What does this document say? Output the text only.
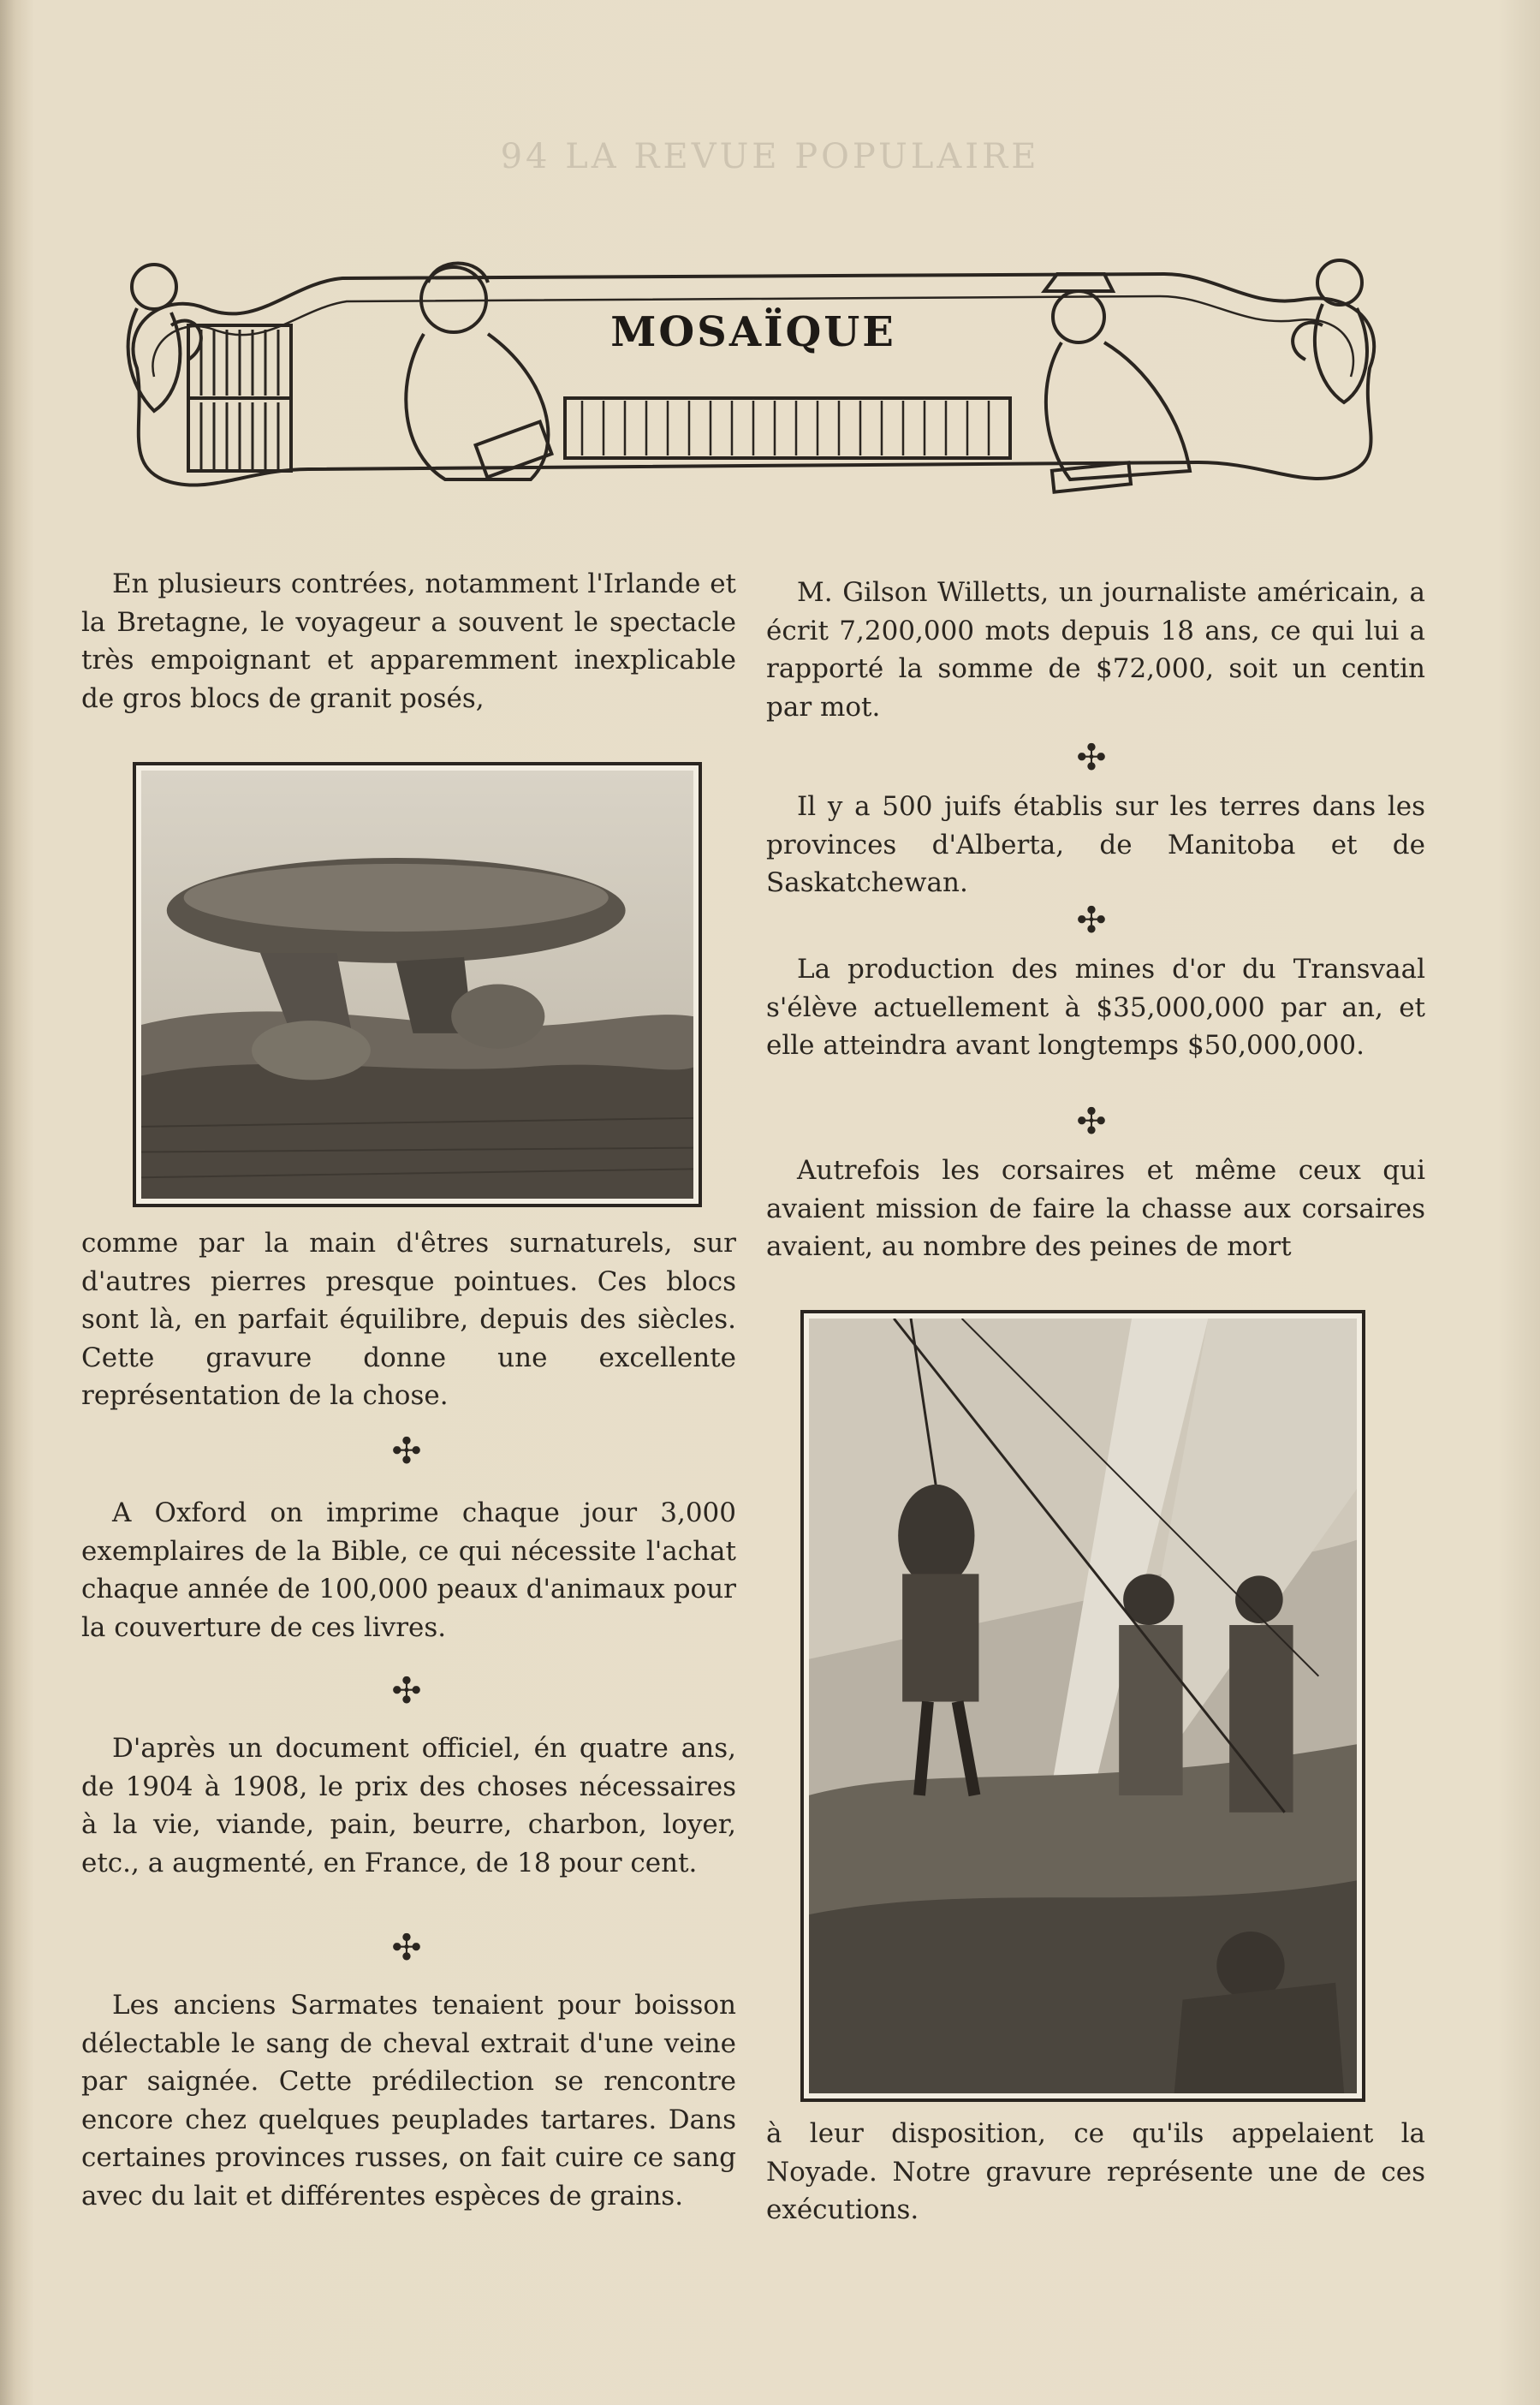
94 LA REVUE POPULAIRE
MOSAÏQUE

En plusieurs contrées, notamment l'Irlande et la Bretagne, le voyageur a souvent le spectacle très empoignant et apparemment inexplicable de gros blocs de granit posés,

comme par la main d'êtres surnaturels, sur d'autres pierres presque pointues. Ces blocs sont là, en parfait équilibre, depuis des siècles. Cette gravure donne une excellente représentation de la chose.

✣

A Oxford on imprime chaque jour 3,000 exemplaires de la Bible, ce qui nécessite l'achat chaque année de 100,000 peaux d'animaux pour la couverture de ces livres.

✣

D'après un document officiel, én quatre ans, de 1904 à 1908, le prix des choses nécessaires à la vie, viande, pain, beurre, charbon, loyer, etc., a augmenté, en France, de 18 pour cent.

✣

Les anciens Sarmates tenaient pour boisson délectable le sang de cheval extrait d'une veine par saignée. Cette prédilection se rencontre encore chez quelques peuplades tartares. Dans certaines provinces russes, on fait cuire ce sang avec du lait et différentes espèces de grains.

M. Gilson Willetts, un journaliste américain, a écrit 7,200,000 mots depuis 18 ans, ce qui lui a rapporté la somme de $72,000, soit un centin par mot.

✣

Il y a 500 juifs établis sur les terres dans les provinces d'Alberta, de Manitoba et de Saskatchewan.

✣

La production des mines d'or du Transvaal s'élève actuellement à $35,000,000 par an, et elle atteindra avant longtemps $50,000,000.

✣

Autrefois les corsaires et même ceux qui avaient mission de faire la chasse aux corsaires avaient, au nombre des peines de mort

à leur disposition, ce qu'ils appelaient la Noyade. Notre gravure représente une de ces exécutions.
